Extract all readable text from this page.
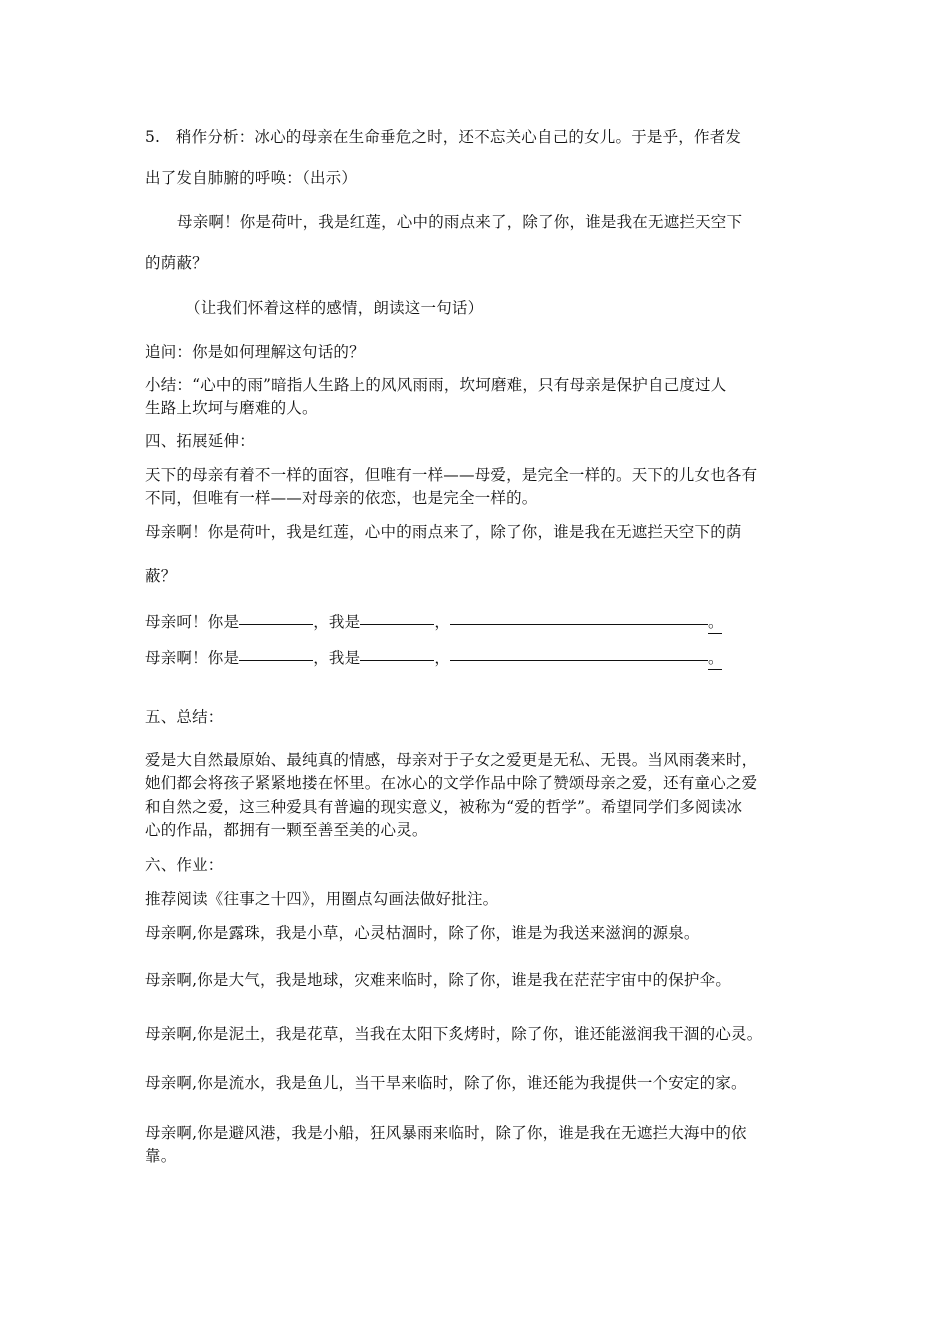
5.　稍作分析：冰心的母亲在生命垂危之时，还不忘关心自己的女儿。于是乎，作者发
出了发自肺腑的呼唤：（出示）
母亲啊！你是荷叶，我是红莲，心中的雨点来了，除了你，谁是我在无遮拦天空下
的荫蔽？
（让我们怀着这样的感情，朗读这一句话）
追问：你是如何理解这句话的？
小结：“心中的雨”暗指人生路上的风风雨雨，坎坷磨难，只有母亲是保护自己度过人
生路上坎坷与磨难的人。
四、拓展延伸：
天下的母亲有着不一样的面容，但唯有一样——母爱，是完全一样的。天下的儿女也各有
不同，但唯有一样——对母亲的依恋，也是完全一样的。
母亲啊！你是荷叶，我是红莲，心中的雨点来了，除了你，谁是我在无遮拦天空下的荫
蔽？
母亲呵！你是	，我是	，	。
母亲啊！你是	，我是	，	。
五、总结：
爱是大自然最原始、最纯真的情感，母亲对于子女之爱更是无私、无畏。当风雨袭来时，
她们都会将孩子紧紧地搂在怀里。在冰心的文学作品中除了赞颂母亲之爱，还有童心之爱
和自然之爱，这三种爱具有普遍的现实意义，被称为“爱的哲学”。希望同学们多阅读冰
心的作品，都拥有一颗至善至美的心灵。
六、作业：
推荐阅读《往事之十四》，用圈点勾画法做好批注。
母亲啊,你是露珠，我是小草，心灵枯涸时，除了你，谁是为我送来滋润的源泉。
母亲啊,你是大气，我是地球，灾难来临时，除了你，谁是我在茫茫宇宙中的保护伞。
母亲啊,你是泥土，我是花草，当我在太阳下炙烤时，除了你，谁还能滋润我干涸的心灵。
母亲啊,你是流水，我是鱼儿，当干旱来临时，除了你，谁还能为我提供一个安定的家。
母亲啊,你是避风港，我是小船，狂风暴雨来临时，除了你，谁是我在无遮拦大海中的依
靠。
